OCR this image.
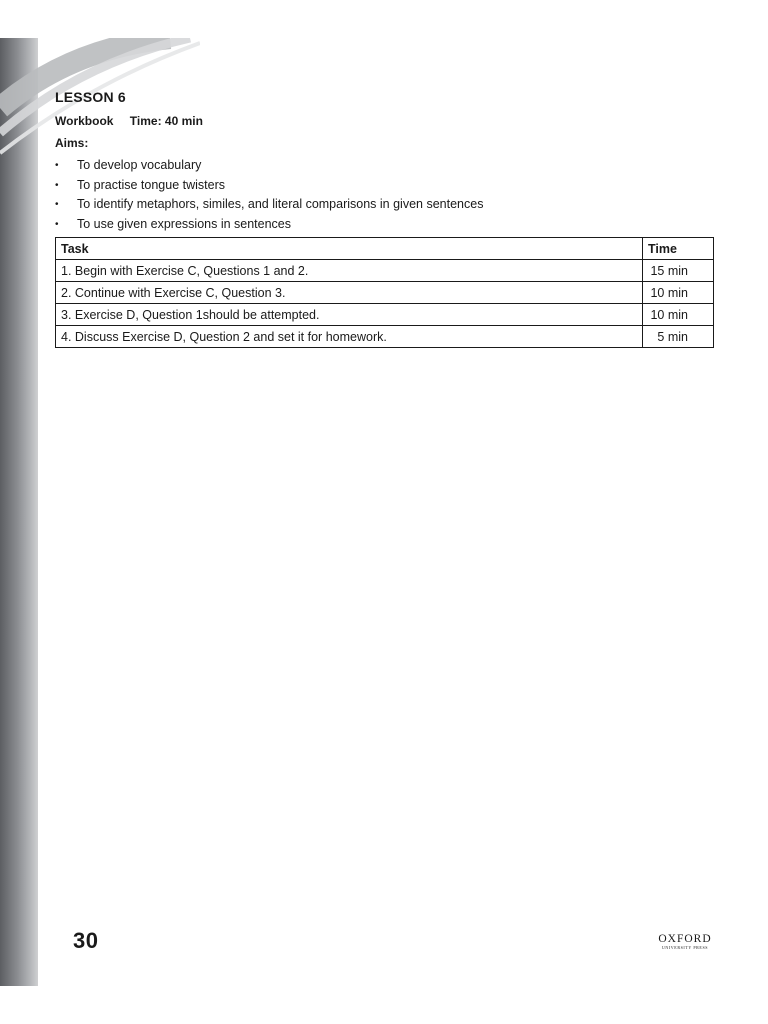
LESSON 6
Workbook Time: 40 min
Aims:
• To develop vocabulary
• To practise tongue twisters
• To identify metaphors, similes, and literal comparisons in given sentences
• To use given expressions in sentences
Task	Time
1. Begin with Exercise C, Questions 1 and 2.	15 min
2. Continue with Exercise C, Question 3.	10 min
3. Exercise D, Question 1should be attempted.	10 min
4. Discuss Exercise D, Question 2 and set it for homework.	5 min
30	OXFORD
UNIVERSITY PRESS
